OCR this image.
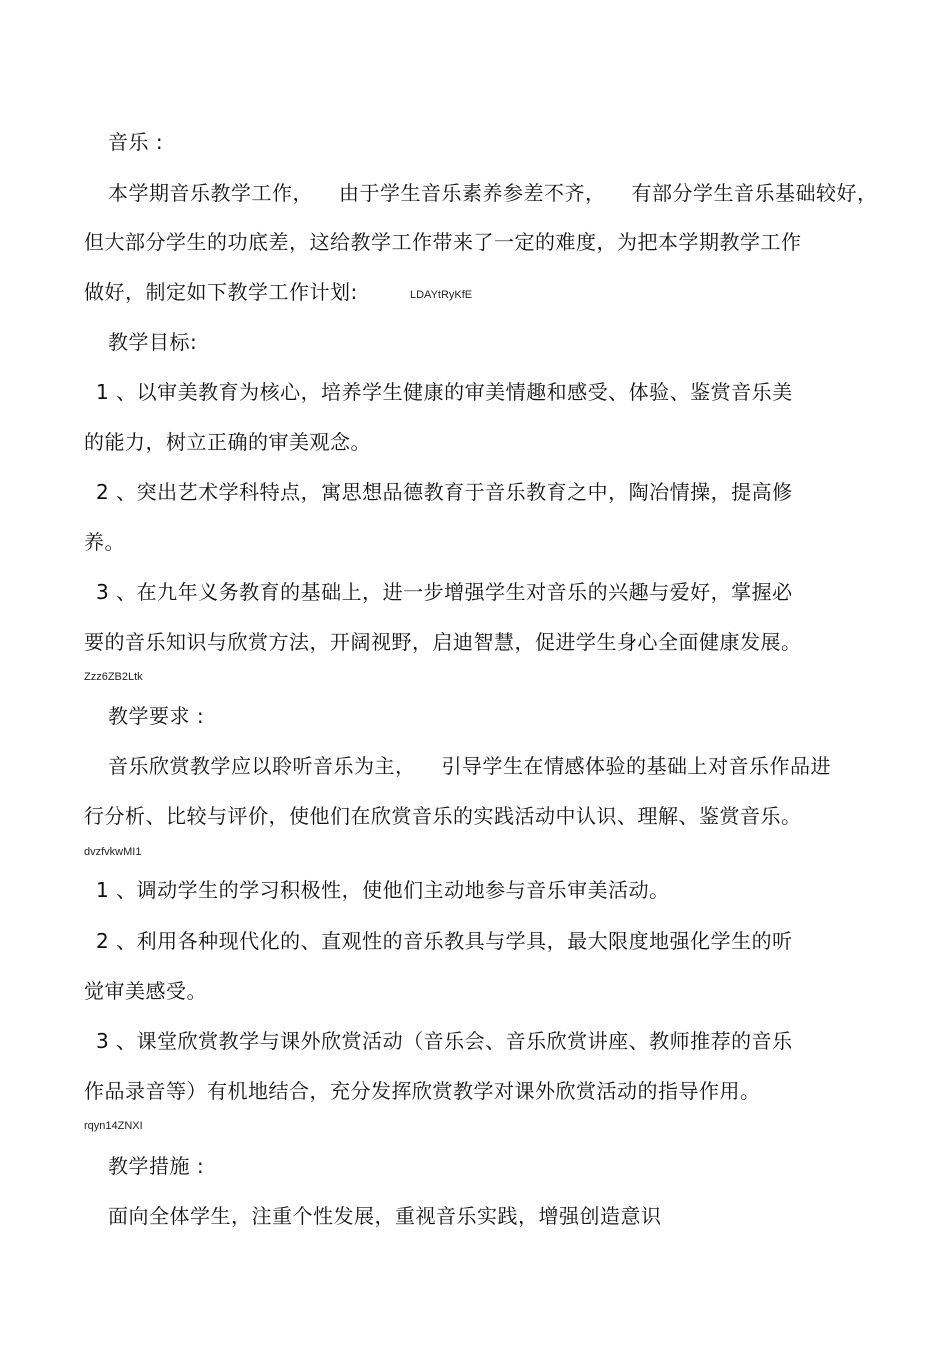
音乐 :
本学期音乐教学工作， 由于学生音乐素养参差不齐， 有部分学生音乐基础较好，
但大部分学生的功底差，这给教学工作带来了一定的难度，为把本学期教学工作
做好，制定如下教学工作计划:	LDAYtRyKfE
教学目标:
1 、以审美教育为核心，培养学生健康的审美情趣和感受、体验、鉴赏音乐美
的能力，树立正确的审美观念。
2 、突出艺术学科特点，寓思想品德教育于音乐教育之中，陶冶情操，提高修
养。
3 、在九年义务教育的基础上，进一步增强学生对音乐的兴趣与爱好，掌握必
要的音乐知识与欣赏方法，开阔视野，启迪智慧，促进学生身心全面健康发展。
Zzz6ZB2Ltk
教学要求 :
音乐欣赏教学应以聆听音乐为主， 引导学生在情感体验的基础上对音乐作品进
行分析、比较与评价，使他们在欣赏音乐的实践活动中认识、理解、鉴赏音乐。
dvzfvkwMI1
1 、调动学生的学习积极性，使他们主动地参与音乐审美活动。
2 、利用各种现代化的、直观性的音乐教具与学具，最大限度地强化学生的听
觉审美感受。
3 、课堂欣赏教学与课外欣赏活动（音乐会、音乐欣赏讲座、教师推荐的音乐
作品录音等）有机地结合，充分发挥欣赏教学对课外欣赏活动的指导作用。
rqyn14ZNXI
教学措施 :
面向全体学生，注重个性发展，重视音乐实践，增强创造意识
